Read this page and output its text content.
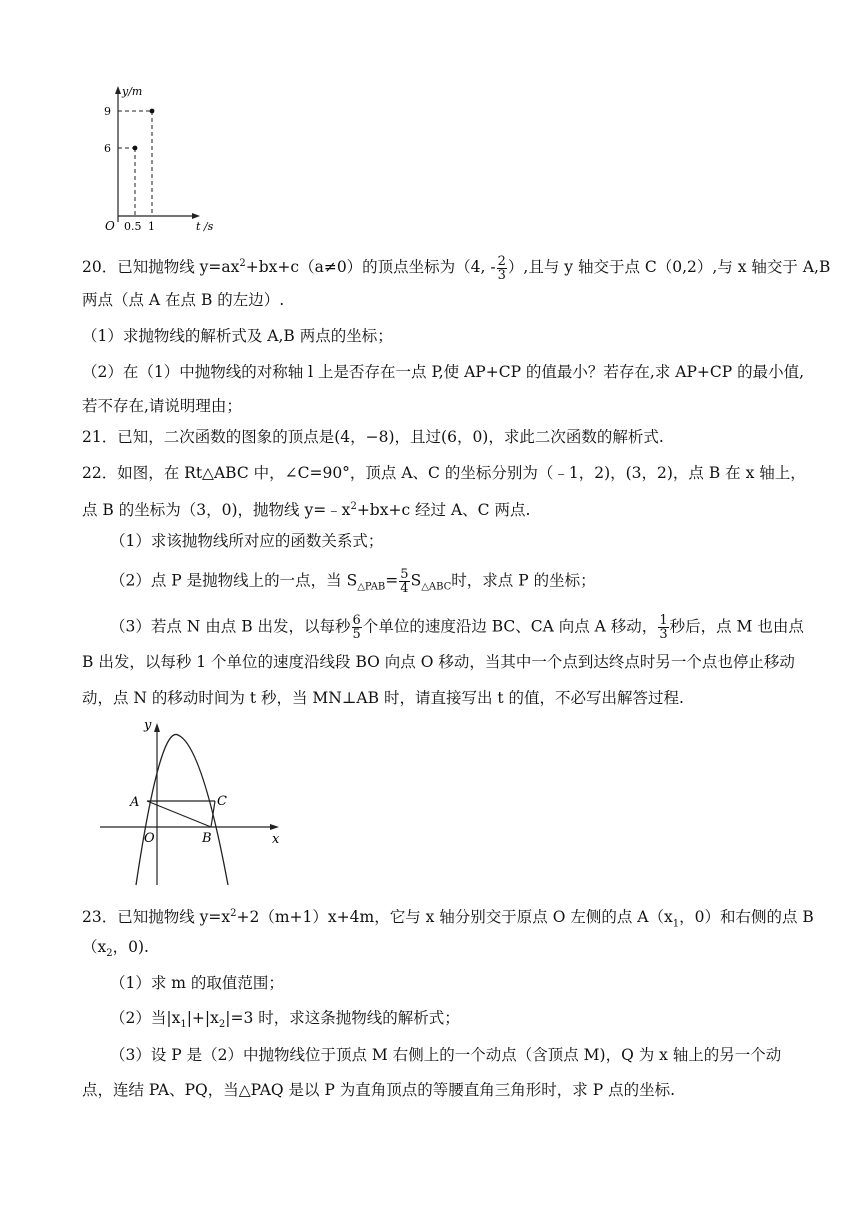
y/m
t /s
O
9
6
0.5 1
20．已知抛物线 $y=ax^2+bx+c(a\ne 0)$的顶点坐标为（4, - $\frac{2}{3}$ ）,且与 y 轴交于点 C（0,2）,与 x 轴交于 A,B
两点（点 A 在点 B 的左边）.
（1）求抛物线的解析式及 A,B 两点的坐标；
（2）在（1）中抛物线的对称轴 l 上是否存在一点 P,使 AP+CP 的值最小？若存在,求 AP+CP 的最小值,
若不存在,请说明理由；
21．已知，二次函数的图象的顶点是(4，−8)，且过(6，0)，求此二次函数的解析式.
22．如图，在 Rt△ABC 中，∠C=90°，顶点 A、C 的坐标分别为（﹣1，2)，(3，2)，点 B 在 x 轴上，
点 B 的坐标为（3，0)，抛物线 $y=﹣x^2+bx+c$ 经过 A、C 两点.
（1）求该抛物线所对应的函数关系式；
（2）点 P 是抛物线上的一点，当 $S_{\triangle PAB}= \frac{5}{4} S_{\triangle ABC}$时，求点 P 的坐标；
（3）若点 N 由点 B 出发，以每秒 $\frac{6}{5}$ 个单位的速度沿边 BC、CA 向点 A 移动， $\frac{1}{3}$ 秒后，点 M 也由点
B 出发，以每秒 1 个单位的速度沿线段 BO 向点 O 移动，当其中一个点到达终点时另一个点也停止移动
动，点 N 的移动时间为 t 秒，当 MN⊥AB 时，请直接写出 t 的值，不必写出解答过程.
y
x
O
A	C
B
23．已知抛物线 $y=x^2+2(m+1)x+4m$，它与 x 轴分别交于原点 O 左侧的点 $A(x_1$，0）和右侧的点 B
（$x_2$，0).
（1）求 m 的取值范围；
（2）当$|x_1|+|x_2|=3$ 时，求这条抛物线的解析式；
（3）设 P 是（2）中抛物线位于顶点 M 右侧上的一个动点（含顶点 M)，Q 为 x 轴上的另一个动
点，连结 PA、PQ，当△PAQ 是以 P 为直角顶点的等腰直角三角形时，求 P 点的坐标.
